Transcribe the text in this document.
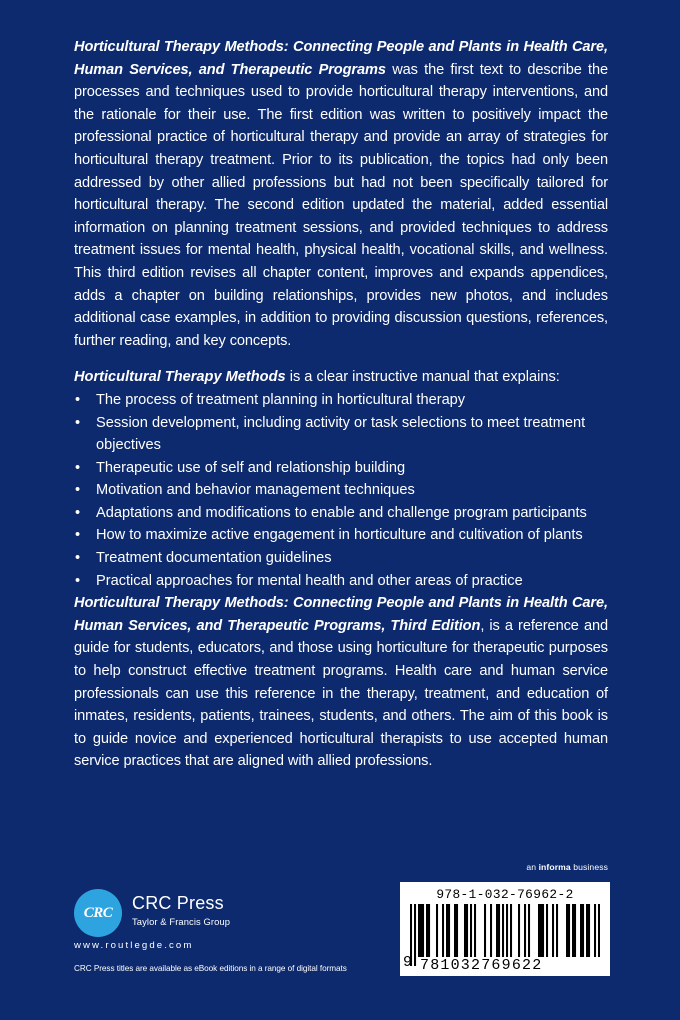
Horticultural Therapy Methods: Connecting People and Plants in Health Care, Human Services, and Therapeutic Programs was the first text to describe the processes and techniques used to provide horticultural therapy interventions, and the rationale for their use. The first edition was written to positively impact the professional practice of horticultural therapy and provide an array of strategies for horticultural therapy treatment. Prior to its publication, the topics had only been addressed by other allied professions but had not been specifically tailored for horticultural therapy. The second edition updated the material, added essential information on planning treatment sessions, and provided techniques to address treatment issues for mental health, physical health, vocational skills, and wellness. This third edition revises all chapter content, improves and expands appendices, adds a chapter on building relationships, provides new photos, and includes additional case examples, in addition to providing discussion questions, references, further reading, and key concepts.

Horticultural Therapy Methods is a clear instructive manual that explains:
• The process of treatment planning in horticultural therapy
• Session development, including activity or task selections to meet treatment objectives
• Therapeutic use of self and relationship building
• Motivation and behavior management techniques
• Adaptations and modifications to enable and challenge program participants
• How to maximize active engagement in horticulture and cultivation of plants
• Treatment documentation guidelines
• Practical approaches for mental health and other areas of practice

Horticultural Therapy Methods: Connecting People and Plants in Health Care, Human Services, and Therapeutic Programs, Third Edition, is a reference and guide for students, educators, and those using horticulture for therapeutic purposes to help construct effective treatment programs. Health care and human service professionals can use this reference in the therapy, treatment, and education of inmates, residents, patients, trainees, students, and others. The aim of this book is to guide novice and experienced horticultural therapists to use accepted human service practices that are aligned with allied professions.

an informa business
CRC CRC Press
Taylor & Francis Group
www.routlegde.com
CRC Press titles are available as eBook editions in a range of digital formats
978-1-032-76962-2
9 781032769622
